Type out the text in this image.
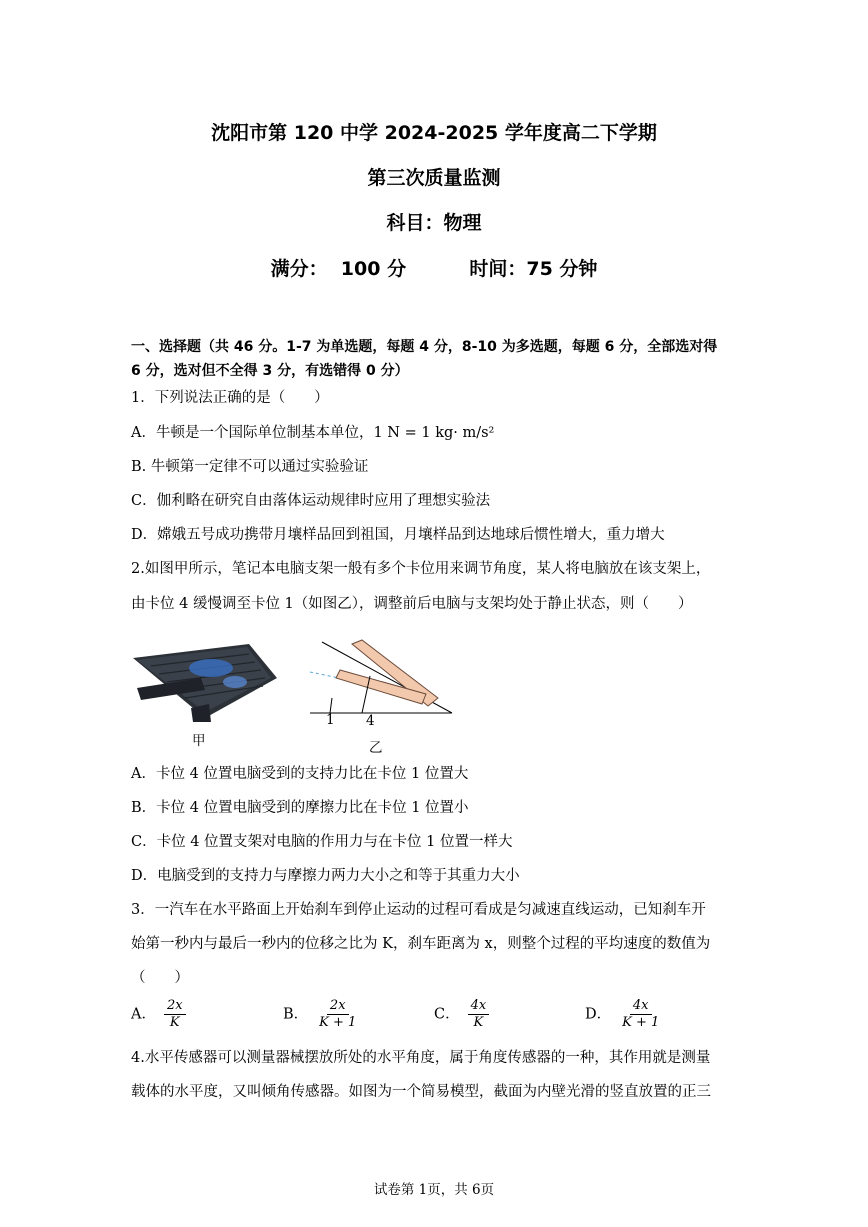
沈阳市第 120 中学 2024-2025 学年度高二下学期
第三次质量监测
科目：物理
满分：  100 分	时间：75 分钟
一、选择题（共 46 分。1-7 为单选题，每题 4 分，8-10 为多选题，每题 6 分，全部选对得
6 分，选对但不全得 3 分，有选错得 0 分）
1．下列说法正确的是（　　）
A．牛顿是一个国际单位制基本单位，1 N = 1 kg· m/s²
B. 牛顿第一定律不可以通过实验验证
C．伽利略在研究自由落体运动规律时应用了理想实验法
D．嫦娥五号成功携带月壤样品回到祖国，月壤样品到达地球后惯性增大，重力增大
2.如图甲所示，笔记本电脑支架一般有多个卡位用来调节角度，某人将电脑放在该支架上，
由卡位 4 缓慢调至卡位 1（如图乙），调整前后电脑与支架均处于静止状态，则（　　）
甲
1 4
乙
A．卡位 4 位置电脑受到的支持力比在卡位 1 位置大
B．卡位 4 位置电脑受到的摩擦力比在卡位 1 位置小
C．卡位 4 位置支架对电脑的作用力与在卡位 1 位置一样大
D．电脑受到的支持力与摩擦力两力大小之和等于其重力大小
3．一汽车在水平路面上开始刹车到停止运动的过程可看成是匀减速直线运动，已知刹车开
始第一秒内与最后一秒内的位移之比为 K，刹车距离为 x，则整个过程的平均速度的数值为
（　　）
A． $\frac{2x}{K}$	B． $\frac{2x}{K + 1}$	C． $\frac{4x}{K}$	D． $\frac{4x}{K + 1}$
4.水平传感器可以测量器械摆放所处的水平角度，属于角度传感器的一种，其作用就是测量
载体的水平度，又叫倾角传感器。如图为一个简易模型，截面为内壁光滑的竖直放置的正三
试卷第 1页，共 6页
